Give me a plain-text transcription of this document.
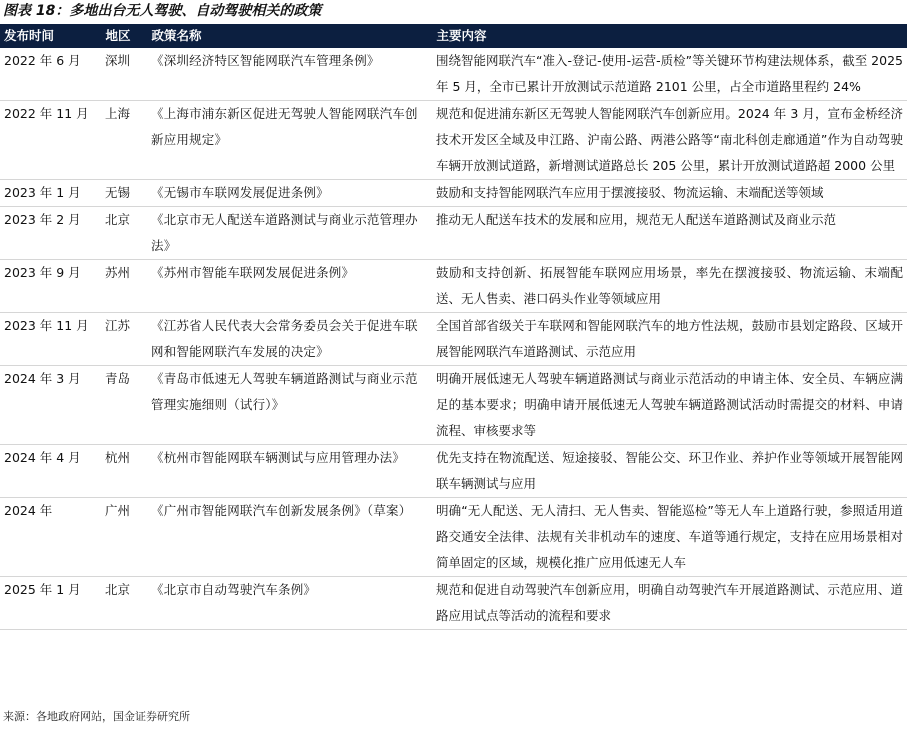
图表 18：多地出台无人驾驶、自动驾驶相关的政策
发布时间	地区	政策名称	主要内容
2022 年 6 月	深圳	《深圳经济特区智能网联汽车管理条例》	围绕智能网联汽车“准入-登记-使用-运营-质检”等关键环节构建法规体系，截至 2025 年 5 月，全市已累计开放测试示范道路 2101 公里，占全市道路里程约 24%
2022 年 11 月	上海	《上海市浦东新区促进无驾驶人智能网联汽车创新应用规定》	规范和促进浦东新区无驾驶人智能网联汽车创新应用。2024 年 3 月，宣布金桥经济技术开发区全域及申江路、沪南公路、两港公路等“南北科创走廊通道”作为自动驾驶车辆开放测试道路，新增测试道路总长 205 公里，累计开放测试道路超 2000 公里
2023 年 1 月	无锡	《无锡市车联网发展促进条例》	鼓励和支持智能网联汽车应用于摆渡接驳、物流运输、末端配送等领域
2023 年 2 月	北京	《北京市无人配送车道路测试与商业示范管理办法》	推动无人配送车技术的发展和应用，规范无人配送车道路测试及商业示范
2023 年 9 月	苏州	《苏州市智能车联网发展促进条例》	鼓励和支持创新、拓展智能车联网应用场景，率先在摆渡接驳、物流运输、末端配送、无人售卖、港口码头作业等领域应用
2023 年 11 月	江苏	《江苏省人民代表大会常务委员会关于促进车联网和智能网联汽车发展的决定》	全国首部省级关于车联网和智能网联汽车的地方性法规，鼓励市县划定路段、区域开展智能网联汽车道路测试、示范应用
2024 年 3 月	青岛	《青岛市低速无人驾驶车辆道路测试与商业示范管理实施细则（试行）》	明确开展低速无人驾驶车辆道路测试与商业示范活动的申请主体、安全员、车辆应满足的基本要求；明确申请开展低速无人驾驶车辆道路测试活动时需提交的材料、申请流程、审核要求等
2024 年 4 月	杭州	《杭州市智能网联车辆测试与应用管理办法》	优先支持在物流配送、短途接驳、智能公交、环卫作业、养护作业等领域开展智能网联车辆测试与应用
2024 年	广州	《广州市智能网联汽车创新发展条例》（草案）	明确“无人配送、无人清扫、无人售卖、智能巡检”等无人车上道路行驶，参照适用道路交通安全法律、法规有关非机动车的速度、车道等通行规定，支持在应用场景相对简单固定的区域，规模化推广应用低速无人车
2025 年 1 月	北京	《北京市自动驾驶汽车条例》	规范和促进自动驾驶汽车创新应用，明确自动驾驶汽车开展道路测试、示范应用、道路应用试点等活动的流程和要求
来源：各地政府网站，国金证券研究所
